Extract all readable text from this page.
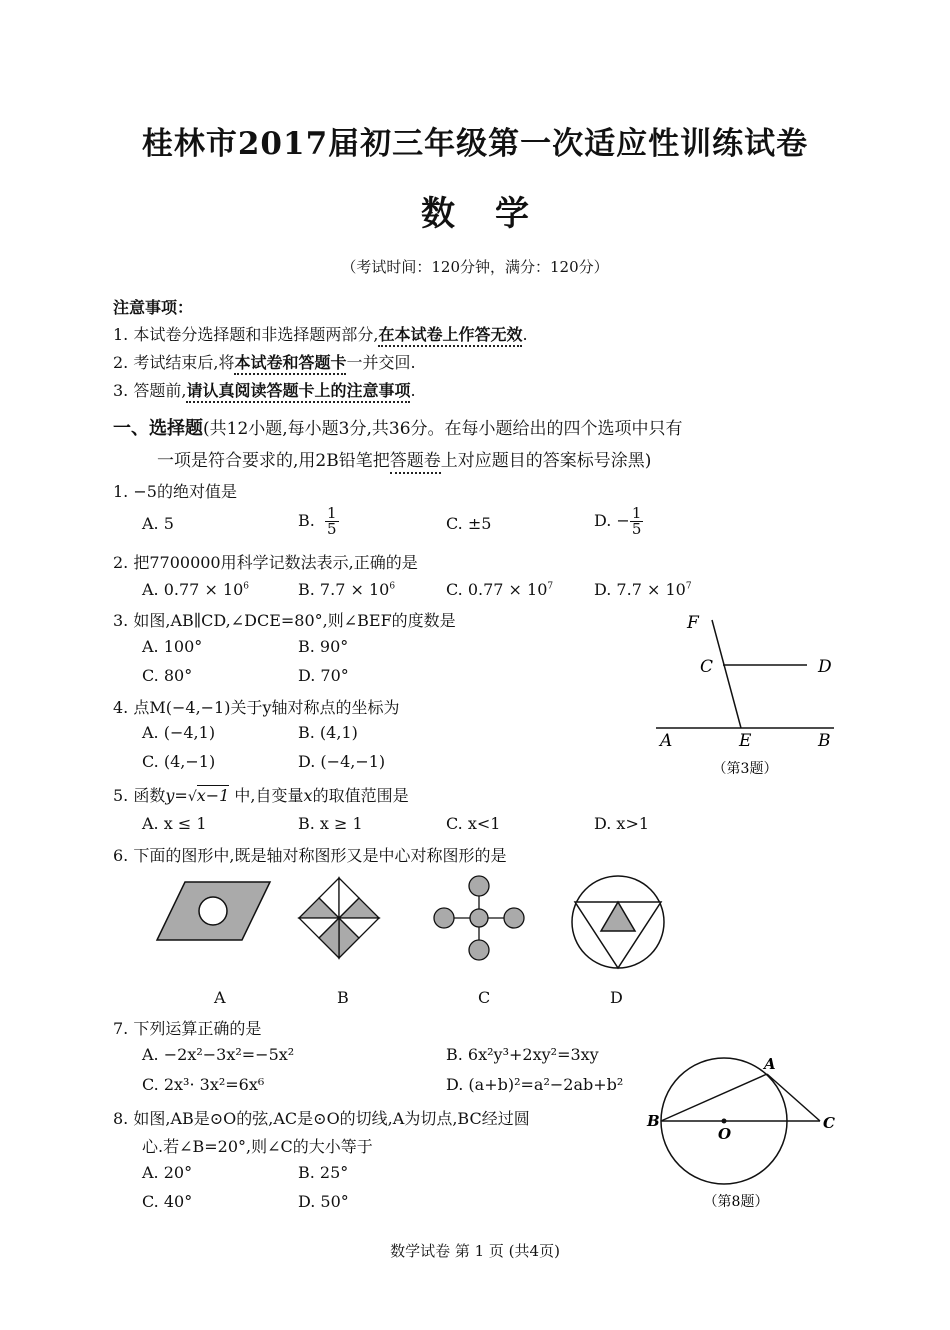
桂林市2017届初三年级第一次适应性训练试卷
数学
（考试时间：120分钟，满分：120分）
注意事项：
1. 本试卷分选择题和非选择题两部分,在本试卷上作答无效.
2. 考试结束后,将本试卷和答题卡一并交回.
3. 答题前,请认真阅读答题卡上的注意事项.
一、选择题(共12小题,每小题3分,共36分。在每小题给出的四个选项中只有
一项是符合要求的,用2B铅笔把答题卷上对应题目的答案标号涂黑)
1. −5的绝对值是
A. 5	B. $\frac{1}{5}$	C. ±5	D. − $\frac{1}{5}$
2. 把7700000用科学记数法表示,正确的是
A. $0.77 \times 10^6$	B. $7.7 \times 10^6$	C. $0.77 \times 10^7$	D. $7.7 \times 10^7$
3. 如图,AB∥CD,∠DCE=80°,则∠BEF的度数是
A. 100°	B. 90°
C. 80°	D. 70°
F
C	D
A	E	B
（第3题）
4. 点M(−4,−1)关于y轴对称点的坐标为
A. (−4,1)	B. (4,1)
C. (4,−1)	D. (−4,−1)
5. 函数y=√x−1 中,自变量x的取值范围是
A. x ≤ 1	B. x ≥ 1	C. x<1	D. x>1
6. 下面的图形中,既是轴对称图形又是中心对称图形的是
A	B	C	D
7. 下列运算正确的是
A. −2x²−3x²=−5x²	B. 6x²y³+2xy²=3xy
C. 2x³· 3x²=6x⁶	D. (a+b)²=a²−2ab+b²
8. 如图,AB是⊙O的弦,AC是⊙O的切线,A为切点,BC经过圆
心.若∠B=20°,则∠C的大小等于
A. 20°	B. 25°
C. 40°	D. 50°
A
B
O
C
（第8题）
数学试卷 第 1 页 (共4页)
